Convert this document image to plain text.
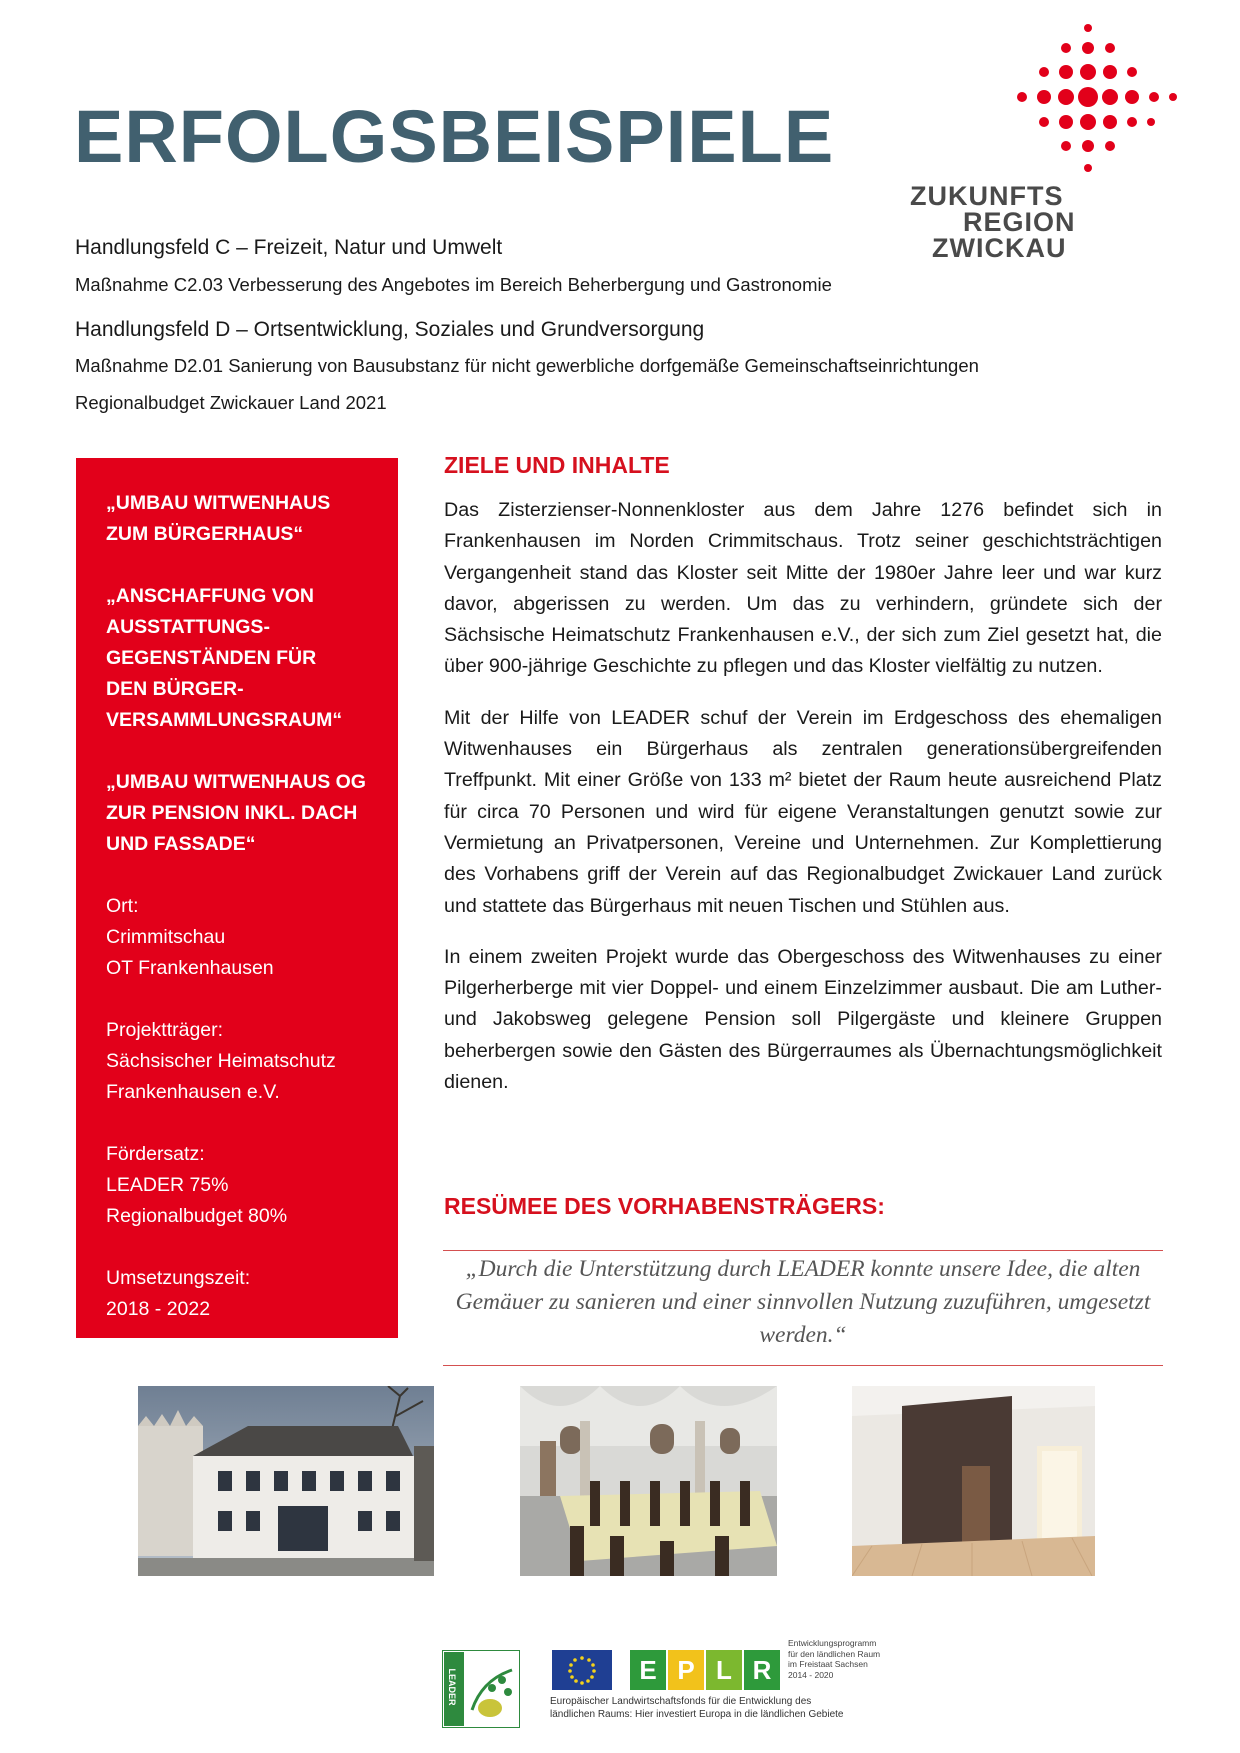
ERFOLGSBEISPIELE
Handlungsfeld C – Freizeit, Natur und Umwelt
Maßnahme C2.03 Verbesserung des Angebotes im Bereich Beherbergung und Gastronomie
Handlungsfeld D – Ortsentwicklung, Soziales und Grundversorgung
Maßnahme D2.01 Sanierung von Bausubstanz für nicht gewerbliche dorfgemäße Gemeinschaftseinrichtungen
Regionalbudget Zwickauer Land 2021
ZUKUNFTS
REGION
ZWICKAU

„UMBAU WITWENHAUS ZUM BÜRGERHAUS“

„ANSCHAFFUNG VON AUSSTATTUNGS-GEGENSTÄNDEN FÜR DEN BÜRGER-VERSAMMLUNGSRAUM“

„UMBAU WITWENHAUS OG ZUR PENSION INKL. DACH UND FASSADE“

Ort:
Crimmitschau
OT Frankenhausen
Projektträger:
Sächsischer Heimatschutz
Frankenhausen e.V.
Fördersatz:
LEADER 75%
Regionalbudget 80%
Umsetzungszeit:
2018 - 2022
ZIELE UND INHALTE

Das Zisterzienser-Nonnenkloster aus dem Jahre 1276 befindet sich in Frankenhausen im Norden Crimmitschaus. Trotz seiner geschichtsträchtigen Vergangenheit stand das Kloster seit Mitte der 1980er Jahre leer und war kurz davor, abgerissen zu werden. Um das zu verhindern, gründete sich der Sächsische Heimatschutz Frankenhausen e.V., der sich zum Ziel gesetzt hat, die über 900-jährige Geschichte zu pflegen und das Kloster vielfältig zu nutzen.

Mit der Hilfe von LEADER schuf der Verein im Erdgeschoss des ehemaligen Witwenhauses ein Bürgerhaus als zentralen generationsübergreifenden Treffpunkt. Mit einer Größe von 133 m² bietet der Raum heute ausreichend Platz für circa 70 Personen und wird für eigene Veranstaltungen genutzt sowie zur Vermietung an Privatpersonen, Vereine und Unternehmen. Zur Komplettierung des Vorhabens griff der Verein auf das Regionalbudget Zwickauer Land zurück und stattete das Bürgerhaus mit neuen Tischen und Stühlen aus.

In einem zweiten Projekt wurde das Obergeschoss des Witwenhauses zu einer Pilgerherberge mit vier Doppel- und einem Einzelzimmer ausbaut. Die am Luther- und Jakobsweg gelegene Pension soll Pilgergäste und kleinere Gruppen beherbergen sowie den Gästen des Bürgerraumes als Übernachtungsmöglichkeit dienen.

RESÜMEE DES VORHABENSTRÄGERS:
„Durch die Unterstützung durch LEADER konnte unsere Idee, die alten Gemäuer zu sanieren und einer sinnvollen Nutzung zuzuführen, umgesetzt werden.“
LEADER	E P L R
Entwicklungsprogramm
für den ländlichen Raum
im Freistaat Sachsen
2014 - 2020
Europäischer Landwirtschaftsfonds für die Entwicklung des
ländlichen Raums: Hier investiert Europa in die ländlichen Gebiete
